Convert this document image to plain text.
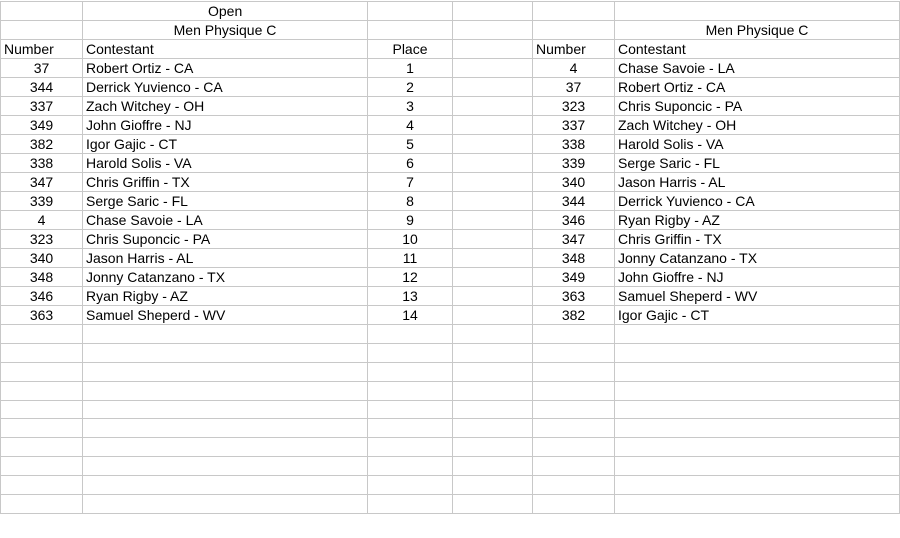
	Open				
	Men Physique C				Men Physique C
Number	Contestant	Place		Number	Contestant
37	Robert Ortiz - CA	1		4	Chase Savoie - LA
344	Derrick Yuvienco - CA	2		37	Robert Ortiz - CA
337	Zach Witchey - OH	3		323	Chris Suponcic - PA
349	John Gioffre - NJ	4		337	Zach Witchey - OH
382	Igor Gajic - CT	5		338	Harold Solis - VA
338	Harold Solis - VA	6		339	Serge Saric - FL
347	Chris Griffin - TX	7		340	Jason Harris - AL
339	Serge Saric - FL	8		344	Derrick Yuvienco - CA
4	Chase Savoie - LA	9		346	Ryan Rigby - AZ
323	Chris Suponcic - PA	10		347	Chris Griffin - TX
340	Jason Harris - AL	11		348	Jonny Catanzano - TX
348	Jonny Catanzano - TX	12		349	John Gioffre - NJ
346	Ryan Rigby - AZ	13		363	Samuel Sheperd - WV
363	Samuel Sheperd - WV	14		382	Igor Gajic - CT
